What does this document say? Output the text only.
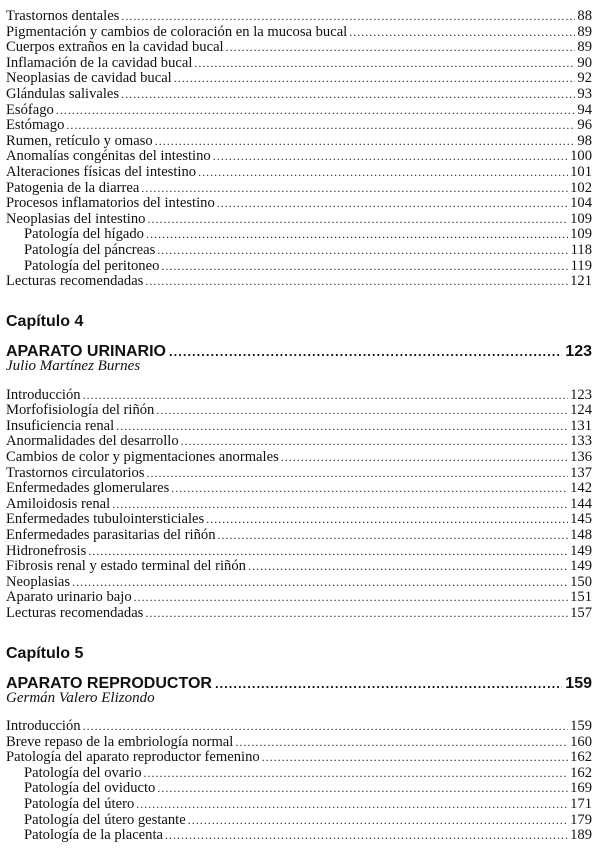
Trastornos dentales .....	88
Pigmentación y cambios de coloración en la mucosa bucal .....	89
Cuerpos extraños en la cavidad bucal .....	89
Inflamación de la cavidad bucal .....	90
Neoplasias de cavidad bucal .....	92
Glándulas salivales .....	93
Esófago .....	94
Estómago .....	96
Rumen, retículo y omaso .....	98
Anomalías congénitas del intestino .....	100
Alteraciones físicas del intestino .....	101
Patogenia de la diarrea .....	102
Procesos inflamatorios del intestino .....	104
Neoplasias del intestino .....	109
Patología del hígado .....	109
Patología del páncreas .....	118
Patología del peritoneo .....	119
Lecturas recomendadas .....	121
Capítulo 4
APARATO URINARIO .....	123
Julio Martínez Burnes
Introducción .....	123
Morfofisiología del riñón .....	124
Insuficiencia renal .....	131
Anormalidades del desarrollo .....	133
Cambios de color y pigmentaciones anormales .....	136
Trastornos circulatorios .....	137
Enfermedades glomerulares .....	142
Amiloidosis renal .....	144
Enfermedades tubulointersticiales .....	145
Enfermedades parasitarias del riñón .....	148
Hidronefrosis .....	149
Fibrosis renal y estado terminal del riñón .....	149
Neoplasias .....	150
Aparato urinario bajo .....	151
Lecturas recomendadas .....	157
Capítulo 5
APARATO REPRODUCTOR .....	159
Germán Valero Elizondo
Introducción .....	159
Breve repaso de la embriología normal .....	160
Patología del aparato reproductor femenino .....	162
Patología del ovario .....	162
Patología del oviducto .....	169
Patología del útero .....	171
Patología del útero gestante .....	179
Patología de la placenta .....	189
